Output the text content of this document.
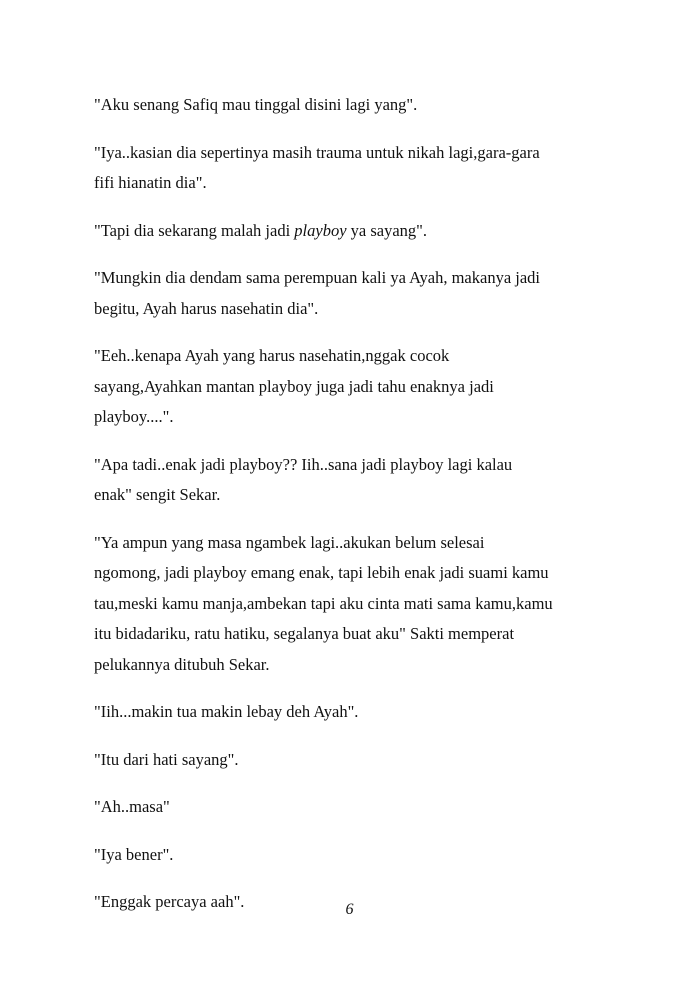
"Aku senang Safiq mau tinggal disini lagi yang".

"Iya..kasian dia sepertinya masih trauma untuk nikah lagi,gara-gara
fifi hianatin dia".

"Tapi dia sekarang malah jadi playboy ya sayang".

"Mungkin dia dendam sama perempuan kali ya Ayah, makanya jadi
begitu, Ayah harus nasehatin dia".

"Eeh..kenapa Ayah yang harus nasehatin,nggak cocok
sayang,Ayahkan mantan playboy juga jadi tahu enaknya jadi
playboy....".

"Apa tadi..enak jadi playboy?? Iih..sana jadi playboy lagi kalau
enak" sengit Sekar.

"Ya ampun yang masa ngambek lagi..akukan belum selesai
ngomong, jadi playboy emang enak, tapi lebih enak jadi suami kamu
tau,meski kamu manja,ambekan tapi aku cinta mati sama kamu,kamu
itu bidadariku, ratu hatiku, segalanya buat aku" Sakti memperat
pelukannya ditubuh Sekar.

"Iih...makin tua makin lebay deh Ayah".

"Itu dari hati sayang".

"Ah..masa"

"Iya bener".

"Enggak percaya aah".	6
